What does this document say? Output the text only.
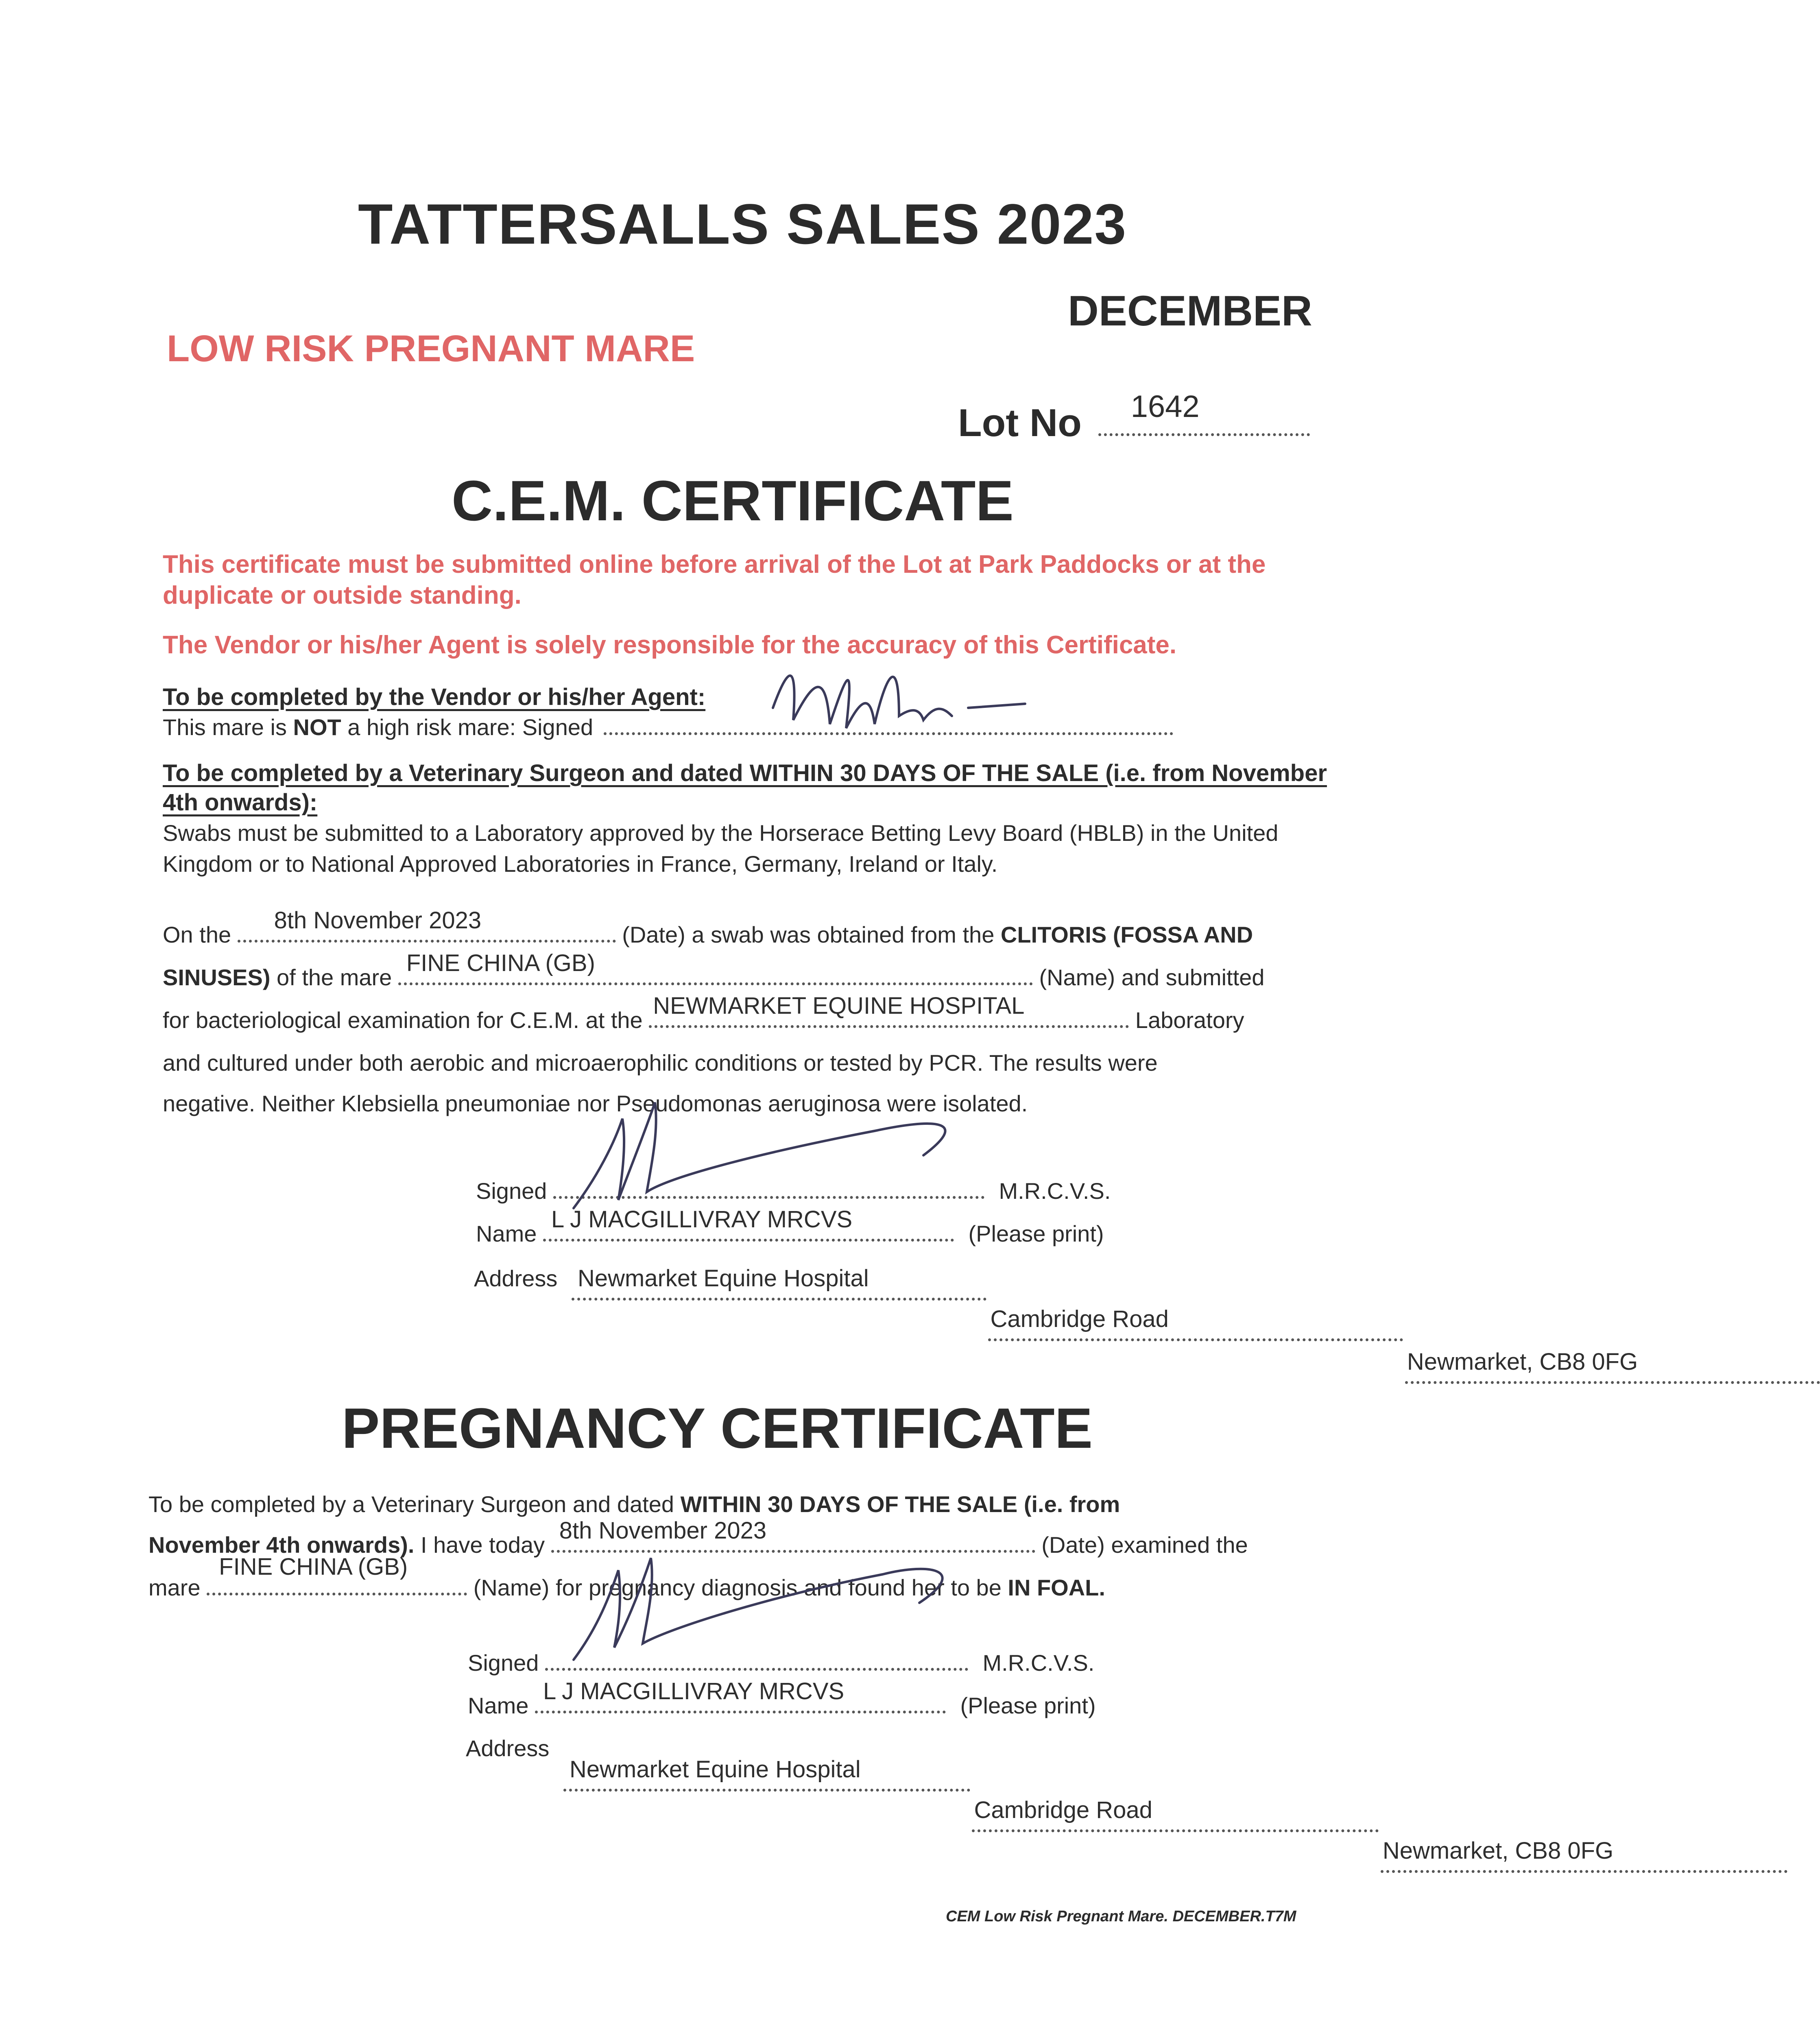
TATTERSALLS SALES 2023
DECEMBER
LOW RISK PREGNANT MARE
Lot No 1642
C.E.M. CERTIFICATE
This certificate must be submitted online before arrival of the Lot at Park Paddocks or at the duplicate or outside standing.
The Vendor or his/her Agent is solely responsible for the accuracy of this Certificate.
To be completed by the Vendor or his/her Agent:
This mare is NOT a high risk mare: Signed
To be completed by a Veterinary Surgeon and dated WITHIN 30 DAYS OF THE SALE (i.e. from November 4th onwards):
Swabs must be submitted to a Laboratory approved by the Horserace Betting Levy Board (HBLB) in the United Kingdom or to National Approved Laboratories in France, Germany, Ireland or Italy.
On the
8th November 2023
(Date) a swab was obtained from the CLITORIS (FOSSA AND
SINUSES) of the mare
FINE CHINA (GB)
(Name) and submitted
for bacteriological examination for C.E.M. at the
NEWMARKET EQUINE HOSPITAL
Laboratory
and cultured under both aerobic and microaerophilic conditions or tested by PCR. The results were
negative. Neither Klebsiella pneumoniae nor Pseudomonas aeruginosa were isolated.
Signed	M.R.C.V.S.
Name
L J MACGILLIVRAY MRCVS
(Please print)
Address Newmarket Equine Hospital

Cambridge Road

Newmarket, CB8 0FG

PREGNANCY CERTIFICATE
To be completed by a Veterinary Surgeon and dated WITHIN 30 DAYS OF THE SALE (i.e. from
November 4th onwards). I have today
8th November 2023
(Date) examined the
mare
FINE CHINA (GB)
(Name) for pregnancy diagnosis and found her to be IN FOAL.
Signed	M.R.C.V.S.
Name
L J MACGILLIVRAY MRCVS
(Please print)
Address
Newmarket Equine Hospital

Cambridge Road

Newmarket, CB8 0FG
CEM Low Risk Pregnant Mare. DECEMBER.T7M
